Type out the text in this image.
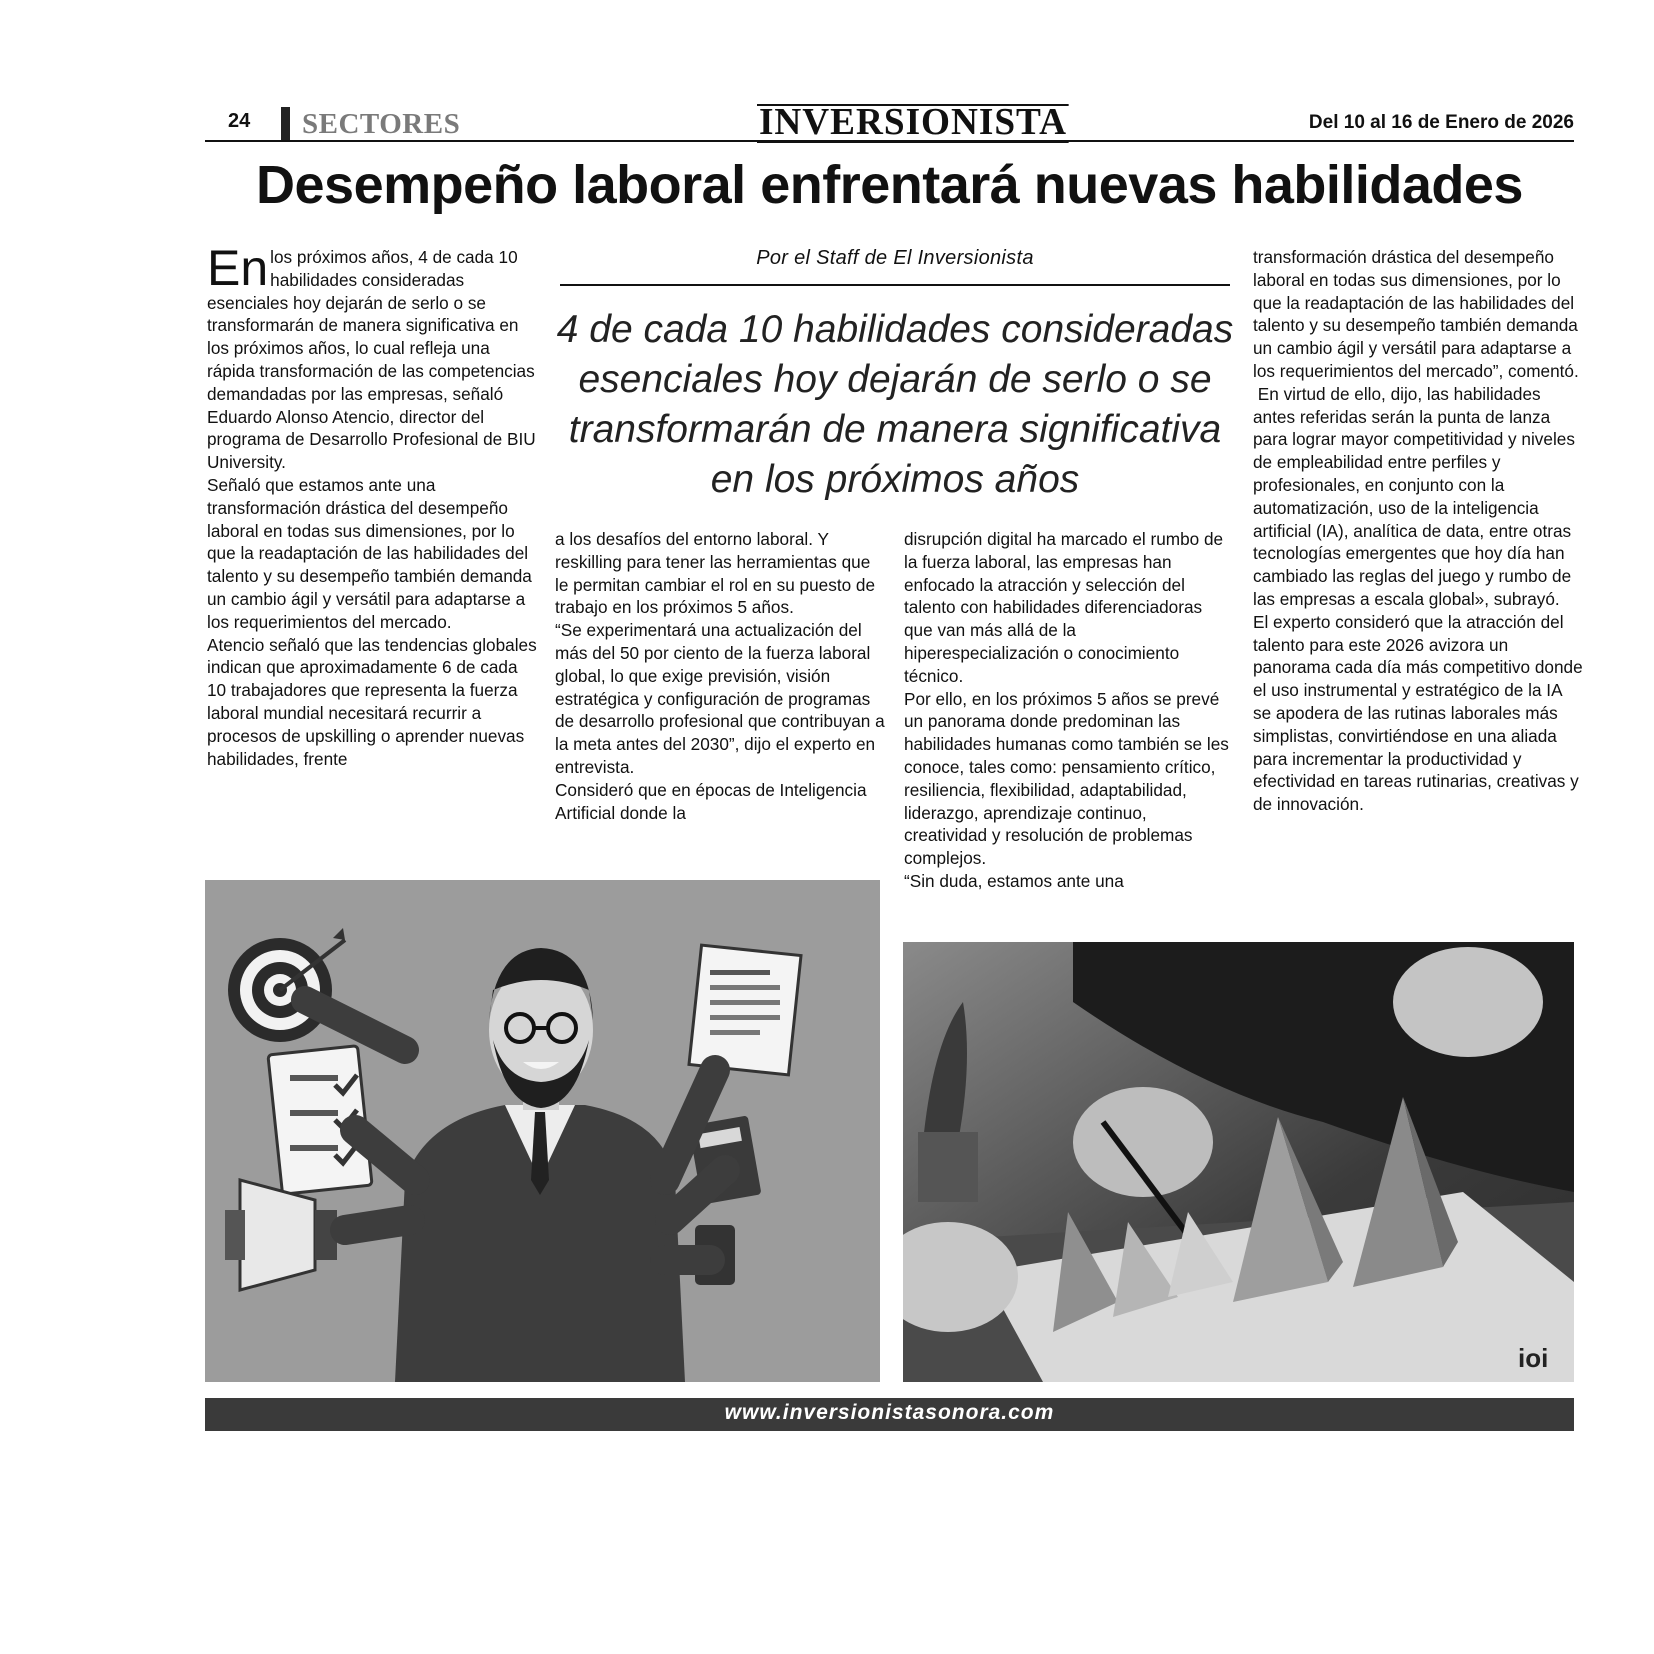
24 SECTORES	INVERSIONISTA	Del 10 al 16 de Enero de 2026
Desempeño laboral enfrentará nuevas habilidades

En los próximos años, 4 de cada 10 habilidades consideradas esenciales hoy dejarán de serlo o se transformarán de manera significativa en los próximos años, lo cual refleja una rápida transformación de las competencias demandadas por las empresas, señaló Eduardo Alonso Atencio, director del programa de Desarrollo Profesional de BIU University.

Señaló que estamos ante una transformación drástica del desempeño laboral en todas sus dimensiones, por lo que la readaptación de las habilidades del talento y su desempeño también demanda un cambio ágil y versátil para adaptarse a los requerimientos del mercado.

Atencio señaló que las tendencias globales indican que aproximadamente 6 de cada 10 trabajadores que representa la fuerza laboral mundial necesitará recurrir a procesos de upskilling o aprender nuevas habilidades, frente

Por el Staff de El Inversionista
4 de cada 10 habilidades consideradas esenciales hoy dejarán de serlo o se transformarán de manera significativa en los próximos años

a los desafíos del entorno laboral. Y reskilling para tener las herramientas que le permitan cambiar el rol en su puesto de trabajo en los próximos 5 años.

“Se experimentará una actualización del más del 50 por ciento de la fuerza laboral global, lo que exige previsión, visión estratégica y configuración de programas de desarrollo profesional que contribuyan a la meta antes del 2030”, dijo el experto en entrevista.

Consideró que en épocas de Inteligencia Artificial donde la

disrupción digital ha marcado el rumbo de la fuerza laboral, las empresas han enfocado la atracción y selección del talento con habilidades diferenciadoras que van más allá de la hiperespecialización o conocimiento técnico.

Por ello, en los próximos 5 años se prevé un panorama donde predominan las habilidades humanas como también se les conoce, tales como: pensamiento crítico, resiliencia, flexibilidad, adaptabilidad, liderazgo, aprendizaje continuo, creatividad y resolución de problemas complejos.

“Sin duda, estamos ante una

transformación drástica del desempeño laboral en todas sus dimensiones, por lo que la readaptación de las habilidades del talento y su desempeño también demanda un cambio ágil y versátil para adaptarse a los requerimientos del mercado”, comentó.

En virtud de ello, dijo, las habilidades antes referidas serán la punta de lanza para lograr mayor competitividad y niveles de empleabilidad entre perfiles y profesionales, en conjunto con la automatización, uso de la inteligencia artificial (IA), analítica de data, entre otras tecnologías emergentes que hoy día han cambiado las reglas del juego y rumbo de las empresas a escala global», subrayó.

El experto consideró que la atracción del talento para este 2026 avizora un panorama cada día más competitivo donde el uso instrumental y estratégico de la IA se apodera de las rutinas laborales más simplistas, convirtiéndose en una aliada para incrementar la productividad y efectividad en tareas rutinarias, creativas y de innovación.

ioi
www.inversionistasonora.com
